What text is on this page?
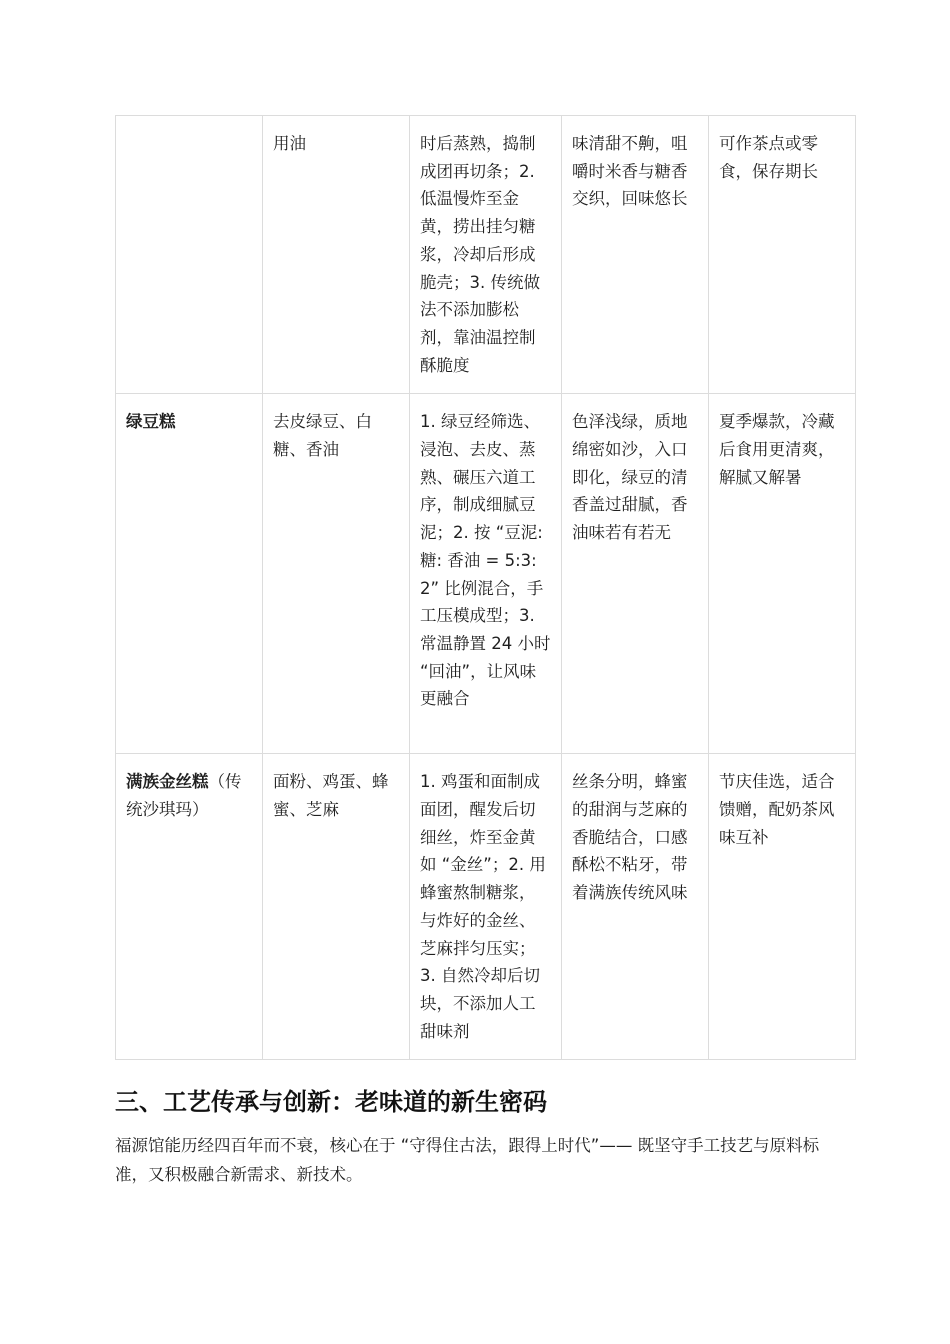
	用油	时后蒸熟，捣制成团再切条；2. 低温慢炸至金黄，捞出挂匀糖浆，冷却后形成脆壳；3. 传统做法不添加膨松剂，靠油温控制酥脆度	味清甜不齁，咀嚼时米香与糖香交织，回味悠长	可作茶点或零食，保存期长
绿豆糕	去皮绿豆、白糖、香油	1. 绿豆经筛选、浸泡、去皮、蒸熟、碾压六道工序，制成细腻豆泥；2. 按 “豆泥: 糖: 香油 = 5:3:2” 比例混合，手工压模成型；3. 常温静置 24 小时 “回油”，让风味更融合	色泽浅绿，质地绵密如沙，入口即化，绿豆的清香盖过甜腻，香油味若有若无	夏季爆款，冷藏后食用更清爽，解腻又解暑
满族金丝糕（传统沙琪玛）	面粉、鸡蛋、蜂蜜、芝麻	1. 鸡蛋和面制成面团，醒发后切细丝，炸至金黄如 “金丝”；2. 用蜂蜜熬制糖浆，与炸好的金丝、芝麻拌匀压实；3. 自然冷却后切块，不添加人工甜味剂	丝条分明，蜂蜜的甜润与芝麻的香脆结合，口感酥松不粘牙，带着满族传统风味	节庆佳选，适合馈赠，配奶茶风味互补
三、工艺传承与创新：老味道的新生密码

福源馆能历经四百年而不衰，核心在于 “守得住古法，跟得上时代”—— 既坚守手工技艺与原料标准，又积极融合新需求、新技术。
